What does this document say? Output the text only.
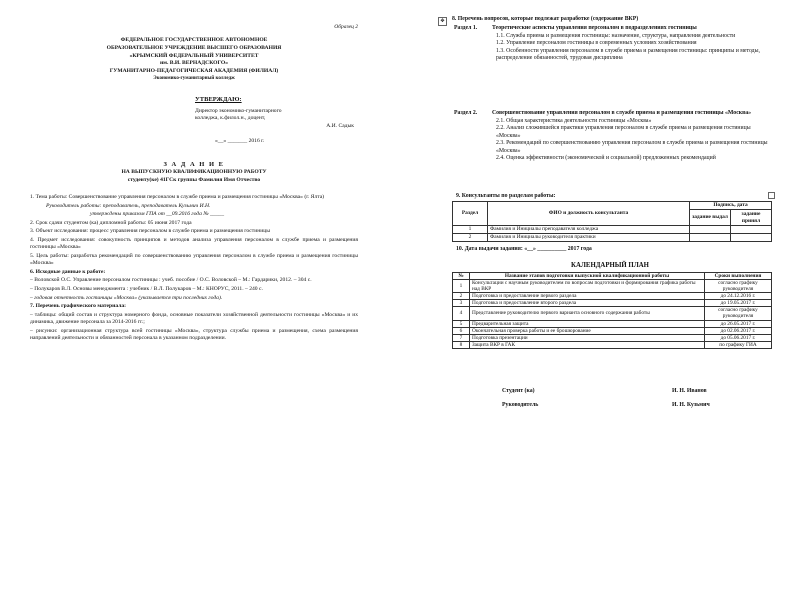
Образец 2
ФЕДЕРАЛЬНОЕ ГОСУДАРСТВЕННОЕ АВТОНОМНОЕ
ОБРАЗОВАТЕЛЬНОЕ УЧРЕЖДЕНИЕ ВЫСШЕГО ОБРАЗОВАНИЯ
«КРЫМСКИЙ ФЕДЕРАЛЬНЫЙ УНИВЕРСИТЕТ
им. В.И. ВЕРНАДСКОГО»
ГУМАНИТАРНО-ПЕДАГОГИЧЕСКАЯ АКАДЕМИЯ (ФИЛИАЛ)
Экономико-гуманитарный колледж
УТВЕРЖДАЮ:
Директор экономико-гуманитарного
колледжа, к.филол.н., доцент,
А.И. Садык
«__» _______ 2016 г.
З А Д А Н И Е
НА ВЫПУСКНУЮ КВАЛИФИКАЦИОННУЮ РАБОТУ
студенту(ке) 41ГСк группы Фамилия Имя Отчество

1. Тема работы: Совершенствование управления персоналом в службе приема и размещения гостиницы «Москва» (г. Ялта)

Руководитель работы: преподаватель, преподаватель Кузьмич И.Н.

утверждены приказом ГПА от __09.2016 года № _____

2. Срок сдачи студентом (ка) дипломной работы: 05 июня 2017 года

3. Объект исследования: процесс управления персоналом в службе приема и размещения гостиницы

4. Предмет исследования: совокупность принципов и методов анализа управления персоналом в службе приема и размещения гостиницы «Москва»

5. Цель работы: разработка рекомендаций по совершенствованию управления персоналом в службе приема и размещения гостиницы «Москва»

6. Исходные данные к работе:

– Воловской О.С. Управление персоналом гостиницы : учеб. пособие / О.С. Воловской – М.: Гардарики, 2012. – 304 с.

– Полукаров В.Л. Основы менеджмента : учебник / В.Л. Полукаров – М.: КНОРУС, 2011. – 240 с.

– годовая отчетность гостиницы «Москва» (указывается три последних года).

7. Перечень графического материала:

– таблицы: общий состав и структура номерного фонда, основные показатели хозяйственной деятельности гостиницы «Москва» и их динамика, движение персонала за 2014-2016 гг.;

– рисунки: организационная структура всей гостиницы «Москва», структура службы приема и размещения, схема размещения направлений деятельности и обязанностей персонала в указанном подразделении.

✥	8. Перечень вопросов, которые подлежат разработке (содержание ВКР)
Раздел 1.	Теоретические аспекты управления персоналом в подразделениях гостиницы
1.1. Служба приема и размещения гостиницы: назначение, структура, направления деятельности
1.2. Управление персоналом гостиницы в современных условиях хозяйствования
1.3. Особенности управления персоналом в службе приема и размещения гостиницы: принципы и методы, распределение обязанностей, трудовая дисциплина
Раздел 2.	Совершенствование управления персоналом в службе приема и размещения гостиницы «Москва»
2.1. Общая характеристика деятельности гостиницы «Москва»
2.2. Анализ сложившейся практики управления персоналом в службе приема и размещения гостиницы «Москва»
2.3. Рекомендаций по совершенствованию управления персоналом в службе приема и размещения гостиницы «Москва»
2.4. Оценка эффективности (экономической и социальной) предложенных рекомендаций
9. Консультанты по разделам работы:
Раздел	ФИО и должность консультанта	Подпись, дата	
		задание выдал	задание принял
1	Фамилия и Инициалы преподавателя колледжа		
2	Фамилия и Инициалы руководителя практики		
10. Дата выдачи задания: «__» __________ 2017 года
КАЛЕНДАРНЫЙ ПЛАН
№	Название этапов подготовки выпускной квалификационной работы	Сроки выполнения
1	Консультации с научным руководителем по вопросам подготовки и формирования графика работы над ВКР	согласно графику руководителя
2	Подготовка и предоставление первого раздела	до 24.12.2016 г.
3	Подготовка и предоставление второго раздела	до 19.05.2017 г.
4	Представление руководителю первого варианта основного содержания работы	согласно графику руководителя
5	Предварительная защита	до 26.05.2017 г.
6	Окончательная проверка работы и ее брошюрование	до 02.06.2017 г.
7	Подготовка презентации	до 05.06.2017 г.
8	Защита ВКР в ГАК	по графику ГИА
Студент (ка)	И. Н. Иванов
Руководитель	И. Н. Кузьмич
